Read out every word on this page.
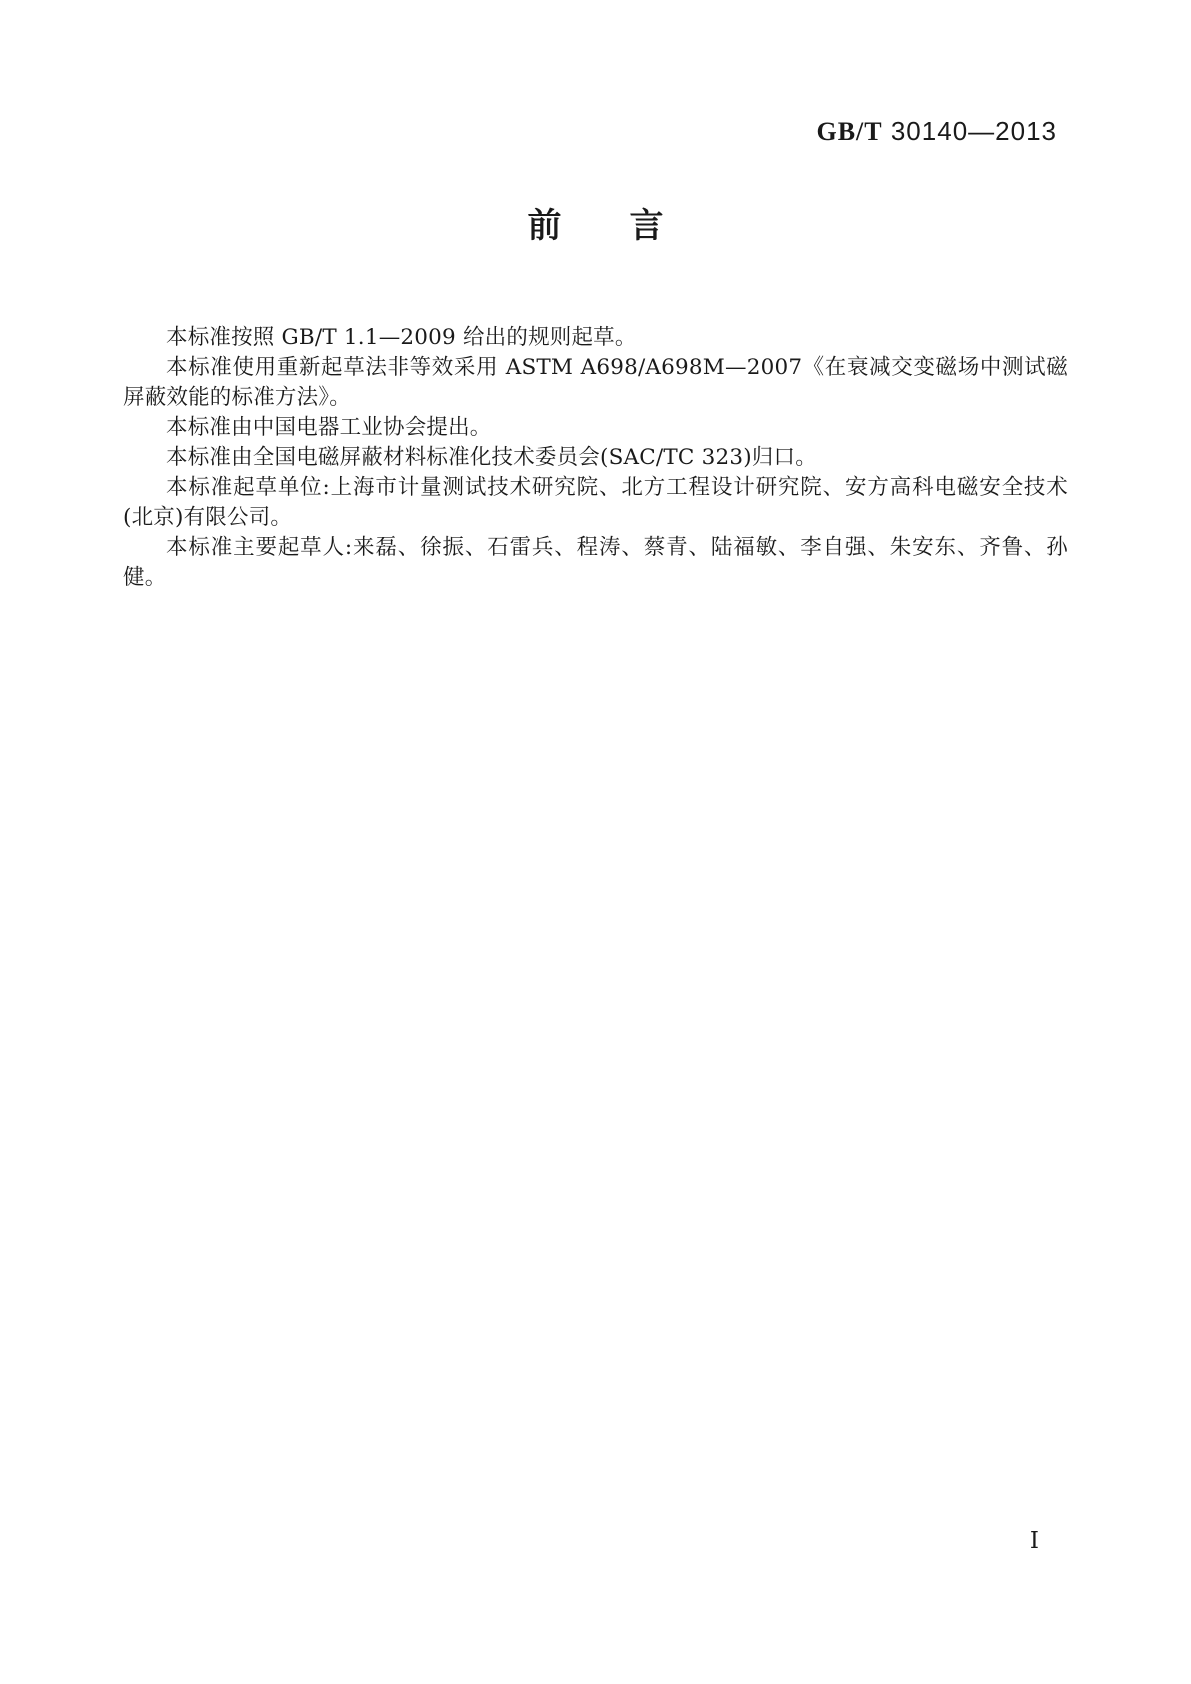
GB/T 30140—2013
前　　言

本标准按照 GB/T 1.1—2009 给出的规则起草。

本标准使用重新起草法非等效采用 ASTM A698/A698M—2007《在衰减交变磁场中测试磁屏蔽效能的标准方法》。

本标准由中国电器工业协会提出。

本标准由全国电磁屏蔽材料标准化技术委员会(SAC/TC 323)归口。

本标准起草单位:上海市计量测试技术研究院、北方工程设计研究院、安方高科电磁安全技术(北京)有限公司。

本标准主要起草人:来磊、徐振、石雷兵、程涛、蔡青、陆福敏、李自强、朱安东、齐鲁、孙健。

I
